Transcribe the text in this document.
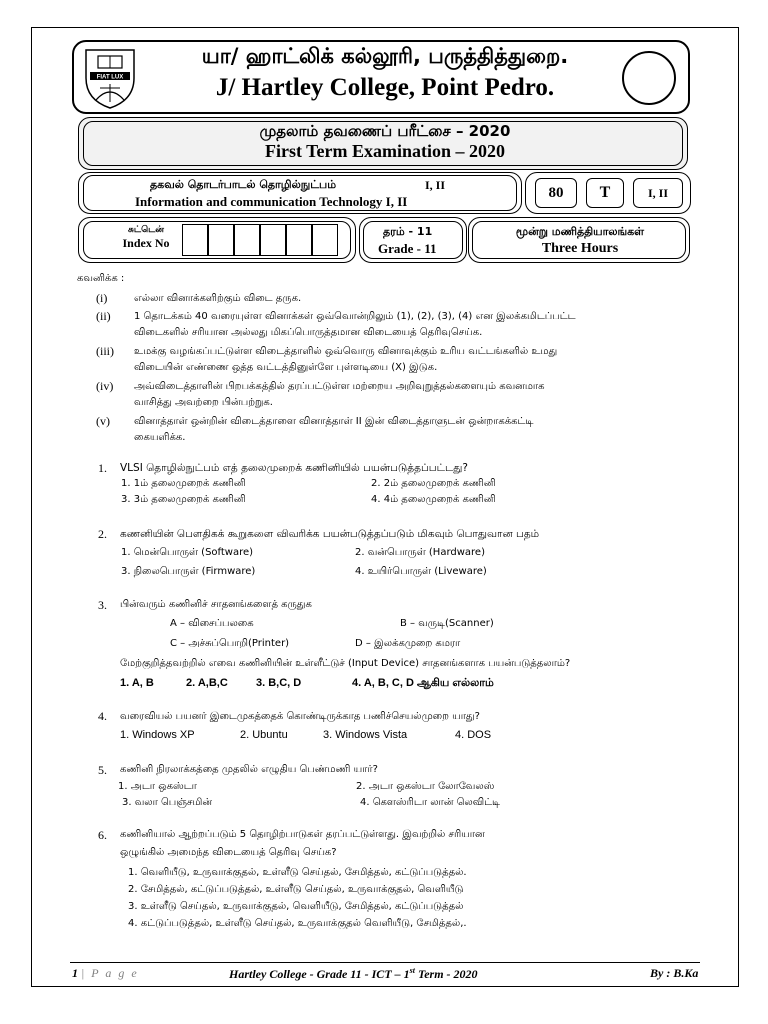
FIAT LUX
யா/ ஹாட்லிக் கல்லூரி, பருத்தித்துறை.
J/ Hartley College, Point Pedro.
முதலாம் தவணைப் பரீட்சை – 2020
First Term Examination – 2020
தகவல் தொடர்பாடல் தொழில்நுட்பம்	I, II
Information and communication Technology I, II
80	T	I, II
சுட்டென்
Index No
தரம் - 11
Grade - 11
மூன்று மணித்தியாலங்கள்
Three Hours
கவனிக்க :
(i)	எல்லா வினாக்களிற்கும் விடை தருக.
(ii) 1 தொடக்கம் 40 வரையுள்ள வினாக்கள் ஒவ்வொன்றிலும் (1), (2), (3), (4) என இலக்கமிடப்பட்ட
விடைகளில் சரியான அல்லது மிகப்பொருத்தமான விடையைத் தெரிவுசெய்க.
(iii) உமக்கு வழங்கப்பட்டுள்ள விடைத்தாளில் ஒவ்வொரு வினாவுக்கும் உரிய வட்டங்களில் உமது
விடையின் எண்ணை ஒத்த வட்டத்தினுள்ளே புள்ளடியை (X) இடுக.
(iv) அவ்விடைத்தாளின் பிறபக்கத்தில் தரப்பட்டுள்ள மற்றைய அறிவுறுத்தல்களையும் கவனமாக
வாசித்து அவற்றை பின்பற்றுக.
(v) வினாத்தாள் ஒன்றின் விடைத்தாளை வினாத்தாள் II இன் விடைத்தாளுடன் ஒன்றாகக்கட்டி
கையளிக்க.
1. VLSI தொழில்நுட்பம் எத் தலைமுறைக் கணினியில் பயன்படுத்தப்பட்டது?
1. 1ம் தலைமுறைக் கணினி	2. 2ம் தலைமுறைக் கணினி
3. 3ம் தலைமுறைக் கணினி	4. 4ம் தலைமுறைக் கணினி
2. கணனியின் பௌதிகக் கூறுகளை விவரிக்க பயன்படுத்தப்படும் மிகவும் பொதுவான பதம்
1. மென்பொருள் (Software)	2. வன்பொருள் (Hardware)
3. நிலைபொருள் (Firmware)	4. உயிர்பொருள் (Liveware)
3. பின்வரும் கணினிச் சாதனங்களைத் கருதுக
A – விசைப்பலகை	B – வருடி(Scanner)
C – அச்சுப்பொறி(Printer)	D – இலக்கமுறை கமரா
மேற்குறித்தவற்றில் எவை கணினியின் உள்ளீட்டுச் (Input Device) சாதனங்களாக பயன்படுத்தலாம்?
1. A, B	2. A,B,C	3. B,C, D	4. A, B, C, D ஆகிய எல்லாம்
4. வரைவியல் பயனர் இடைமுகத்தைக் கொண்டிருக்காத பணிச்செயல்முறை யாது?
1. Windows XP	2. Ubuntu	3. Windows Vista	4. DOS
5. கணினி நிரலாக்கத்தை முதலில் எழுதிய பெண்மணி யார்?
1. அடா ஒகஸ்டா	2. அடா ஒகஸ்டா லோவேலஸ்
3. வலா பெஞ்சமின்	4. கௌஸ்ரிடா லான் லெவிட்டி
6. கணினியால் ஆற்றப்படும் 5 தொழிற்பாடுகள் தரப்பட்டுள்ளது. இவற்றில் சரியான
ஒழுங்கில் அமைந்த விடையைத் தெரிவு செய்க?
1. வெளியீடு, உருவாக்குதல், உள்ளீடு செய்தல், சேமித்தல், கட்டுப்படுத்தல்.
2. சேமித்தல், கட்டுப்படுத்தல், உள்ளீடு செய்தல், உருவாக்குதல், வெளியீடு
3. உள்ளீடு செய்தல், உருவாக்குதல், வெளியீடு, சேமித்தல், கட்டுப்படுத்தல்
4. கட்டுப்படுத்தல், உள்ளீடு செய்தல், உருவாக்குதல் வெளியீடு, சேமித்தல்,.
1 | P a g e	Hartley College - Grade 11 - ICT – 1st Term - 2020	By : B.Ka
